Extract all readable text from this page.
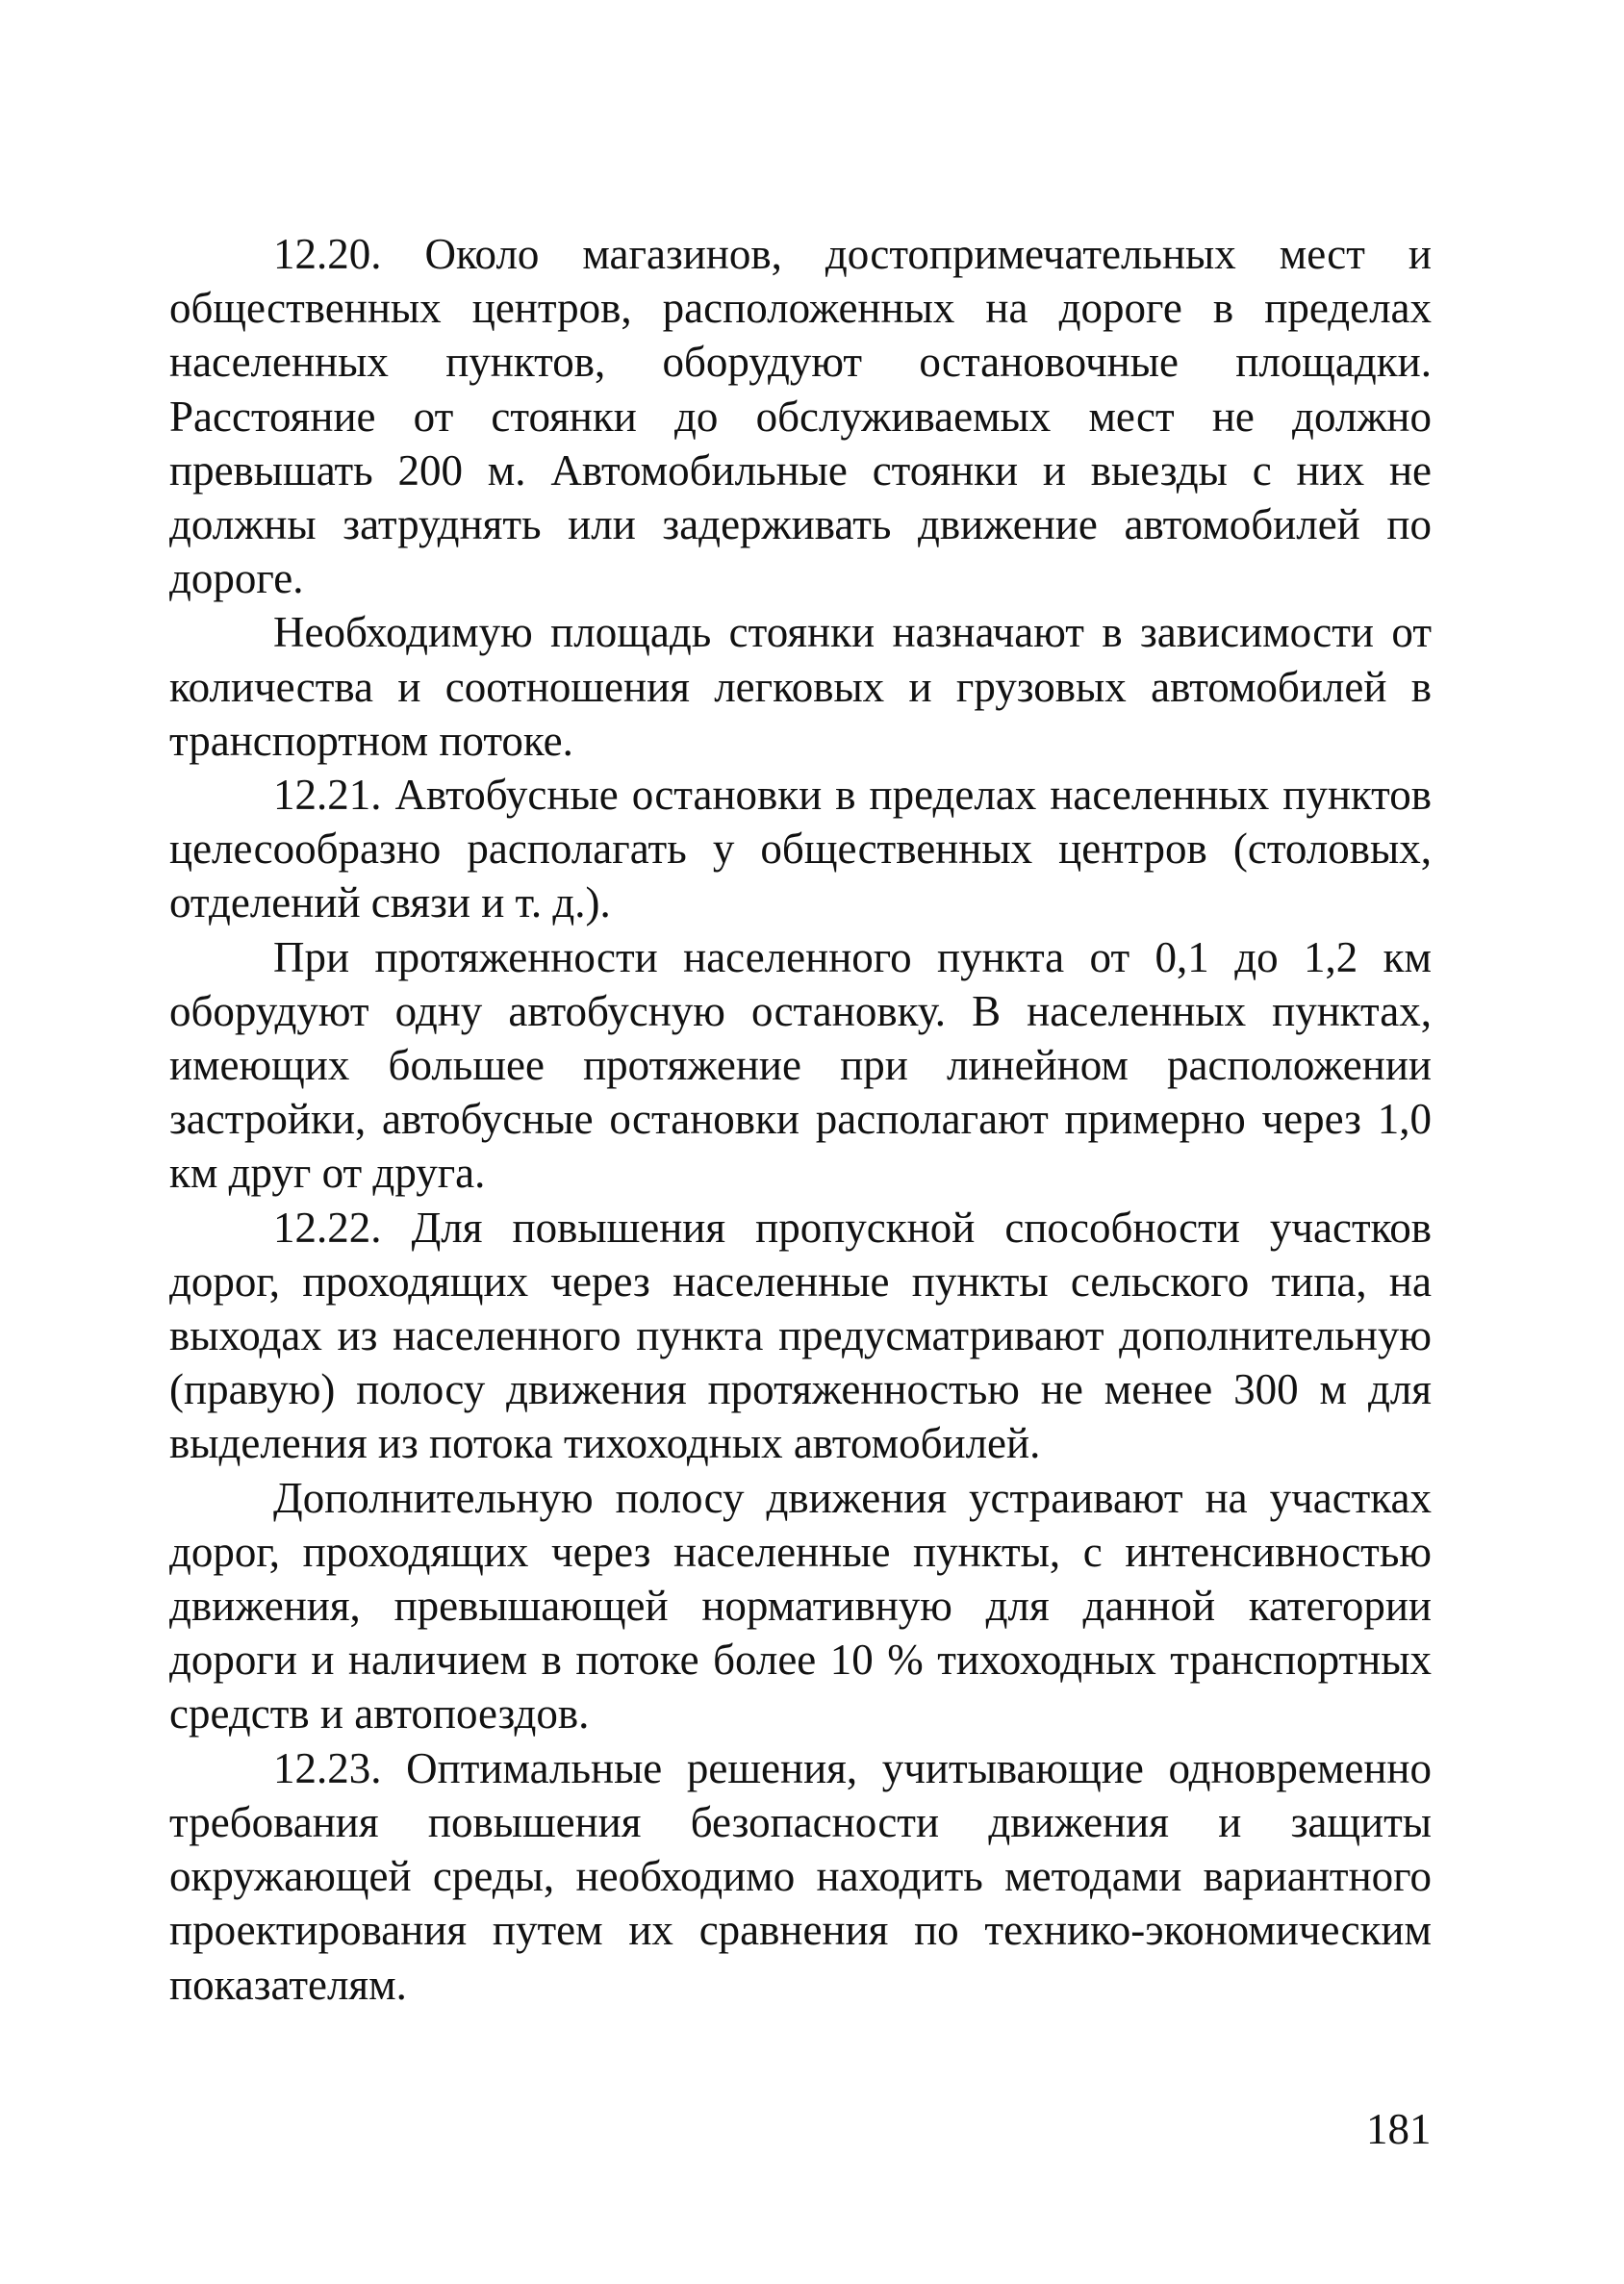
12.20. Около магазинов, достопримечательных мест и общественных центров, расположенных на дороге в пределах населенных пунктов, оборудуют остановочные площадки. Расстояние от стоянки до обслуживаемых мест не должно превышать 200 м. Автомобильные стоянки и выезды с них не должны затруднять или задерживать движение автомобилей по дороге.

Необходимую площадь стоянки назначают в зависимости от количества и соотношения легковых и грузовых автомобилей в транспортном потоке.

12.21. Автобусные остановки в пределах населенных пунктов целесообразно располагать у общественных центров (столовых, отделений связи и т. д.).

При протяженности населенного пункта от 0,1 до 1,2 км оборудуют одну автобусную остановку. В населенных пунктах, имеющих большее протяжение при линейном расположении застройки, автобусные остановки располагают примерно через 1,0 км друг от друга.

12.22. Для повышения пропускной способности участков дорог, проходящих через населенные пункты сельского типа, на выходах из населенного пункта предусматривают дополнительную (правую) полосу движения протяженностью не менее 300 м для выделения из потока тихоходных автомобилей.

Дополнительную полосу движения устраивают на участках дорог, проходящих через населенные пункты, с интенсивностью движения, превышающей нормативную для данной категории дороги и наличием в потоке более 10 % тихоходных транспортных средств и автопоездов.

12.23. Оптимальные решения, учитывающие одновременно требования повышения безопасности движения и защиты окружающей среды, необходимо находить методами вариантного проектирования путем их сравнения по технико-экономическим показателям.

181
